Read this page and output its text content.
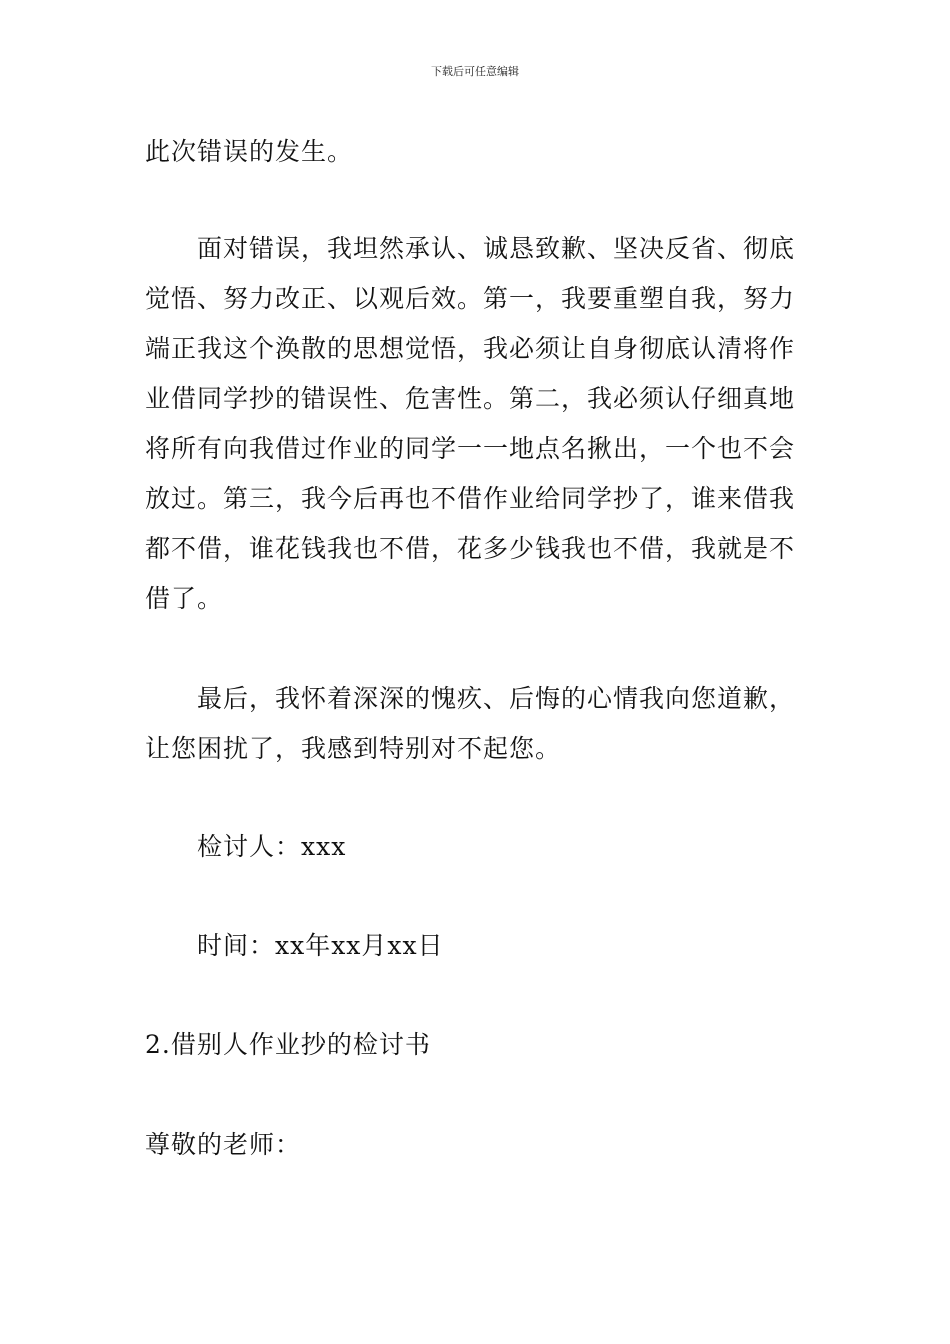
下载后可任意编辑

此次错误的发生。

面对错误，我坦然承认、诚恳致歉、坚决反省、彻底觉悟、努力改正、以观后效。第一，我要重塑自我，努力端正我这个涣散的思想觉悟，我必须让自身彻底认清将作业借同学抄的错误性、危害性。第二，我必须认仔细真地将所有向我借过作业的同学一一地点名揪出，一个也不会放过。第三，我今后再也不借作业给同学抄了，谁来借我都不借，谁花钱我也不借，花多少钱我也不借，我就是不借了。

最后，我怀着深深的愧疚、后悔的心情我向您道歉，让您困扰了，我感到特别对不起您。

检讨人：xxx

时间：xx年xx月xx日

2.借别人作业抄的检讨书

尊敬的老师：
